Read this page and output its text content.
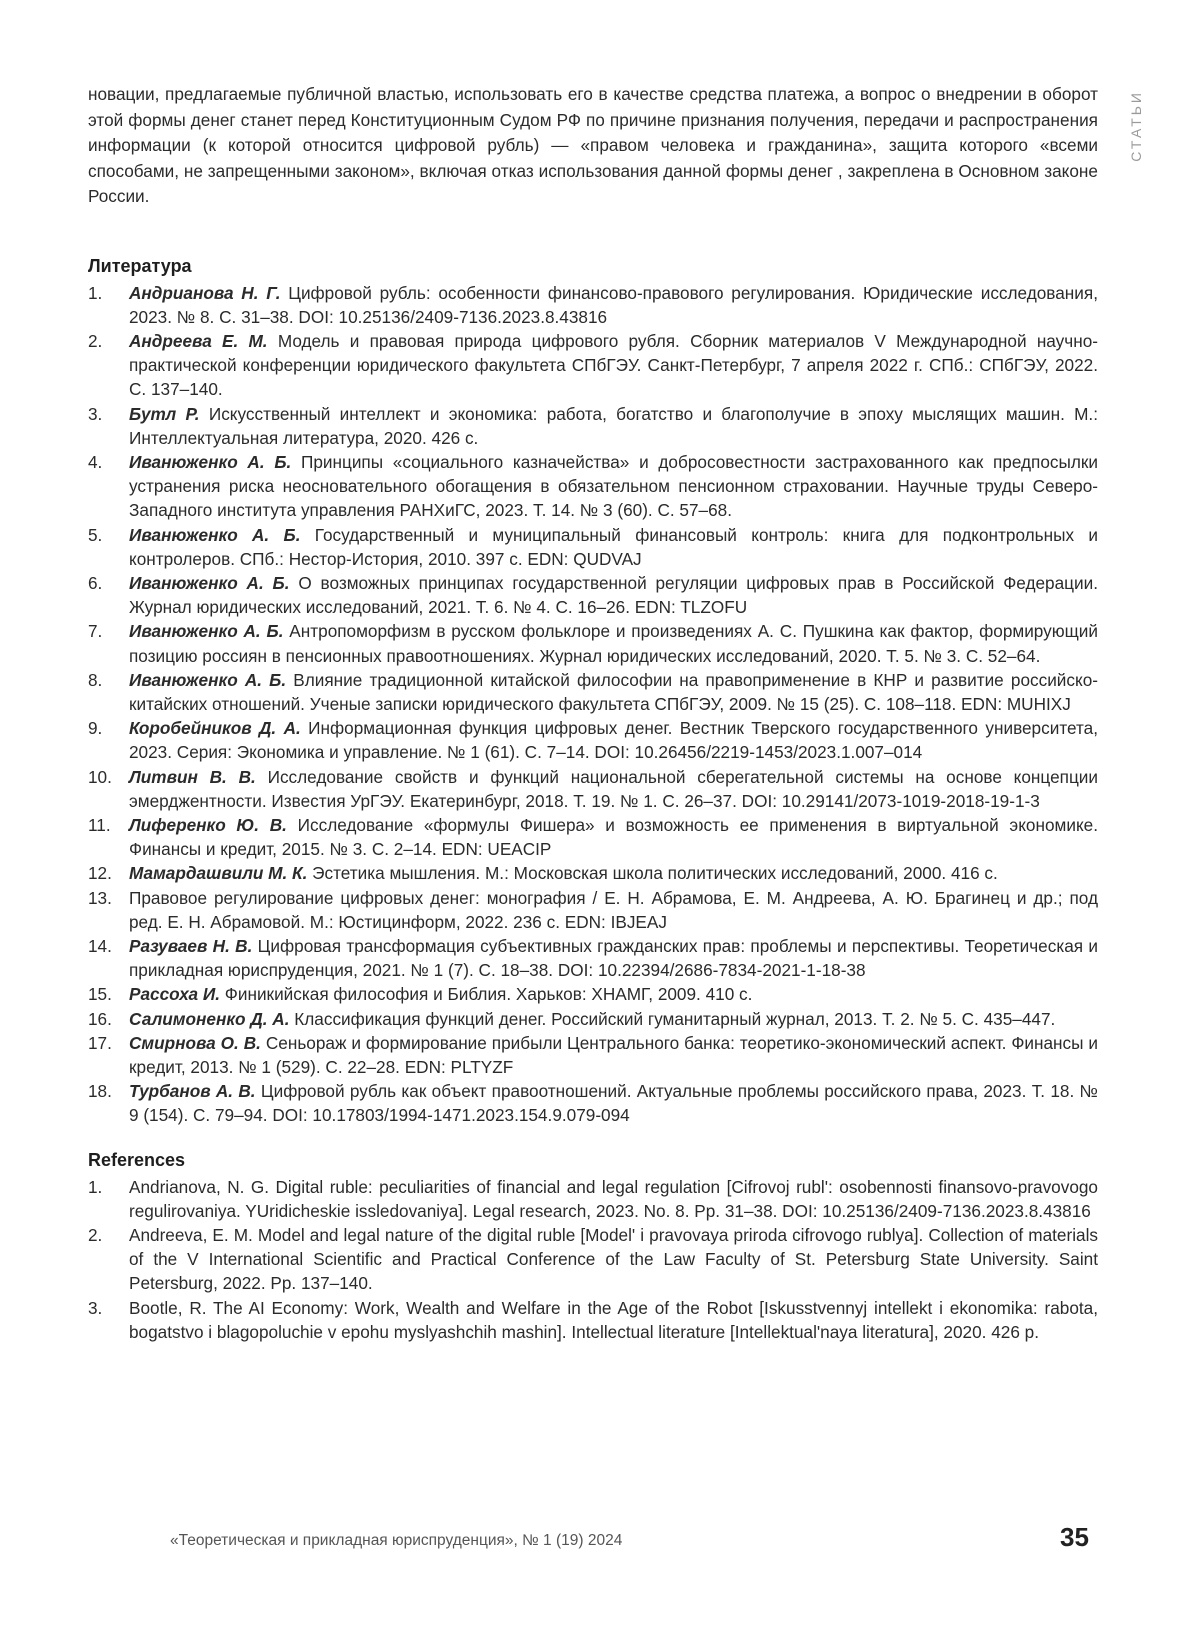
СТАТЬИ

новации, предлагаемые публичной властью, использовать его в качестве средства платежа, а вопрос о внедрении в оборот этой формы денег станет перед Конституционным Судом РФ по причине признания получения, передачи и распространения информации (к которой относится цифровой рубль) — «правом человека и гражданина», защита которого «всеми способами, не запрещенными законом», включая отказ использования данной формы денег , закреплена в Основном законе России.

Литература
1. Андрианова Н. Г. Цифровой рубль: особенности финансово-правового регулирования. Юридические исследования, 2023. № 8. С. 31–38. DOI: 10.25136/2409-7136.2023.8.43816
2. Андреева Е. М. Модель и правовая природа цифрового рубля. Сборник материалов V Международной научно-практической конференции юридического факультета СПбГЭУ. Санкт-Петербург, 7 апреля 2022 г. СПб.: СПбГЭУ, 2022. С. 137–140.
3. Бутл Р. Искусственный интеллект и экономика: работа, богатство и благополучие в эпоху мыслящих машин. М.: Интеллектуальная литература, 2020. 426 с.
4. Иванюженко А. Б. Принципы «социального казначейства» и добросовестности застрахованного как предпосылки устранения риска неосновательного обогащения в обязательном пенсионном страховании. Научные труды Северо-Западного института управления РАНХиГС, 2023. Т. 14. № 3 (60). С. 57–68.
5. Иванюженко А. Б. Государственный и муниципальный финансовый контроль: книга для подконтрольных и контролеров. СПб.: Нестор-История, 2010. 397 с. EDN: QUDVAJ
6. Иванюженко А. Б. О возможных принципах государственной регуляции цифровых прав в Российской Федерации. Журнал юридических исследований, 2021. Т. 6. № 4. С. 16–26. EDN: TLZOFU
7. Иванюженко А. Б. Антропоморфизм в русском фольклоре и произведениях А. С. Пушкина как фактор, формирующий позицию россиян в пенсионных правоотношениях. Журнал юридических исследований, 2020. Т. 5. № 3. С. 52–64.
8. Иванюженко А. Б. Влияние традиционной китайской философии на правоприменение в КНР и развитие российско-китайских отношений. Ученые записки юридического факультета СПбГЭУ, 2009. № 15 (25). С. 108–118. EDN: MUHIXJ
9. Коробейников Д. А. Информационная функция цифровых денег. Вестник Тверского государственного университета, 2023. Серия: Экономика и управление. № 1 (61). С. 7–14. DOI: 10.26456/2219-1453/2023.1.007–014
10. Литвин В. В. Исследование свойств и функций национальной сберегательной системы на основе концепции эмерджентности. Известия УрГЭУ. Екатеринбург, 2018. Т. 19. № 1. С. 26–37. DOI: 10.29141/2073-1019-2018-19-1-3
11. Лиференко Ю. В. Исследование «формулы Фишера» и возможность ее применения в виртуальной экономике. Финансы и кредит, 2015. № 3. С. 2–14. EDN: UEACIP
12. Мамардашвили М. К. Эстетика мышления. М.: Московская школа политических исследований, 2000. 416 с.
13. Правовое регулирование цифровых денег: монография / Е. Н. Абрамова, Е. М. Андреева, А. Ю. Брагинец и др.; под ред. Е. Н. Абрамовой. М.: Юстицинформ, 2022. 236 с. EDN: IBJEAJ
14. Разуваев Н. В. Цифровая трансформация субъективных гражданских прав: проблемы и перспективы. Теоретическая и прикладная юриспруденция, 2021. № 1 (7). С. 18–38. DOI: 10.22394/2686-7834-2021-1-18-38
15. Рассоха И. Финикийская философия и Библия. Харьков: ХНАМГ, 2009. 410 с.
16. Салимоненко Д. А. Классификация функций денег. Российский гуманитарный журнал, 2013. Т. 2. № 5. С. 435–447.
17. Смирнова О. В. Сеньораж и формирование прибыли Центрального банка: теоретико-экономический аспект. Финансы и кредит, 2013. № 1 (529). С. 22–28. EDN: PLTYZF
18. Турбанов А. В. Цифровой рубль как объект правоотношений. Актуальные проблемы российского права, 2023. Т. 18. № 9 (154). С. 79–94. DOI: 10.17803/1994-1471.2023.154.9.079-094
References
1. Andrianova, N. G. Digital ruble: peculiarities of financial and legal regulation [Cifrovoj rubl': osobennosti finansovo-pravovogo regulirovaniya. YUridicheskie issledovaniya]. Legal research, 2023. No. 8. Pp. 31–38. DOI: 10.25136/2409-7136.2023.8.43816
2. Andreeva, E. M. Model and legal nature of the digital ruble [Model' i pravovaya priroda cifrovogo rublya]. Collection of materials of the V International Scientific and Practical Conference of the Law Faculty of St. Petersburg State University. Saint Petersburg, 2022. Pp. 137–140.
3. Bootle, R. The AI Economy: Work, Wealth and Welfare in the Age of the Robot [Iskusstvennyj intellekt i ekonomika: rabota, bogatstvo i blagopoluchie v epohu myslyashchih mashin]. Intellectual literature [Intellektual'naya literatura], 2020. 426 p.
«Теоретическая и прикладная юриспруденция», № 1 (19) 2024	35
